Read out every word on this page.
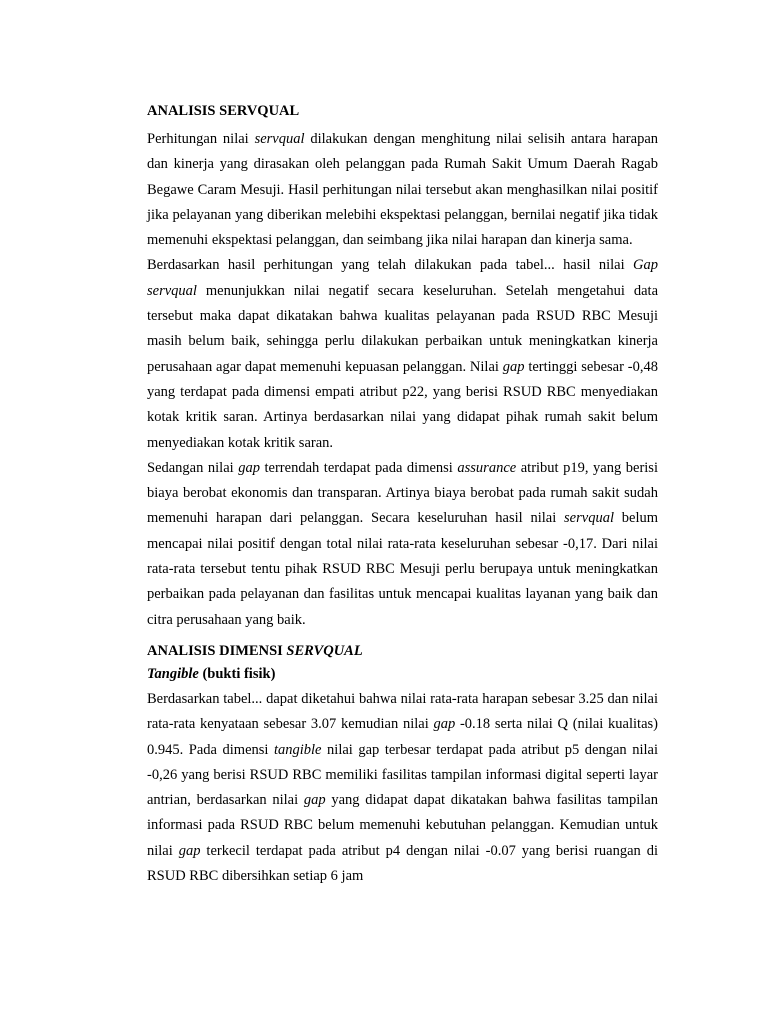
ANALISIS SERVQUAL

Perhitungan nilai servqual dilakukan dengan menghitung nilai selisih antara harapan dan kinerja yang dirasakan oleh pelanggan pada Rumah Sakit Umum Daerah Ragab Begawe Caram Mesuji. Hasil perhitungan nilai tersebut akan menghasilkan nilai positif jika pelayanan yang diberikan melebihi ekspektasi pelanggan, bernilai negatif jika tidak memenuhi ekspektasi pelanggan, dan seimbang jika nilai harapan dan kinerja sama.

Berdasarkan hasil perhitungan yang telah dilakukan pada tabel... hasil nilai Gap servqual menunjukkan nilai negatif secara keseluruhan. Setelah mengetahui data tersebut maka dapat dikatakan bahwa kualitas pelayanan pada RSUD RBC Mesuji masih belum baik, sehingga perlu dilakukan perbaikan untuk meningkatkan kinerja perusahaan agar dapat memenuhi kepuasan pelanggan. Nilai gap tertinggi sebesar -0,48 yang terdapat pada dimensi empati atribut p22, yang berisi RSUD RBC menyediakan kotak kritik saran. Artinya berdasarkan nilai yang didapat pihak rumah sakit belum menyediakan kotak kritik saran.

Sedangan nilai gap terrendah terdapat pada dimensi assurance atribut p19, yang berisi biaya berobat ekonomis dan transparan. Artinya biaya berobat pada rumah sakit sudah memenuhi harapan dari pelanggan. Secara keseluruhan hasil nilai servqual belum mencapai nilai positif dengan total nilai rata-rata keseluruhan sebesar -0,17. Dari nilai rata-rata tersebut tentu pihak RSUD RBC Mesuji perlu berupaya untuk meningkatkan perbaikan pada pelayanan dan fasilitas untuk mencapai kualitas layanan yang baik dan citra perusahaan yang baik.

ANALISIS DIMENSI SERVQUAL
Tangible (bukti fisik)

Berdasarkan tabel... dapat diketahui bahwa nilai rata-rata harapan sebesar 3.25 dan nilai rata-rata kenyataan sebesar 3.07 kemudian nilai gap -0.18 serta nilai Q (nilai kualitas) 0.945. Pada dimensi tangible nilai gap terbesar terdapat pada atribut p5 dengan nilai -0,26 yang berisi RSUD RBC memiliki fasilitas tampilan informasi digital seperti layar antrian, berdasarkan nilai gap yang didapat dapat dikatakan bahwa fasilitas tampilan informasi pada RSUD RBC belum memenuhi kebutuhan pelanggan. Kemudian untuk nilai gap terkecil terdapat pada atribut p4 dengan nilai -0.07 yang berisi ruangan di RSUD RBC dibersihkan setiap 6 jam
